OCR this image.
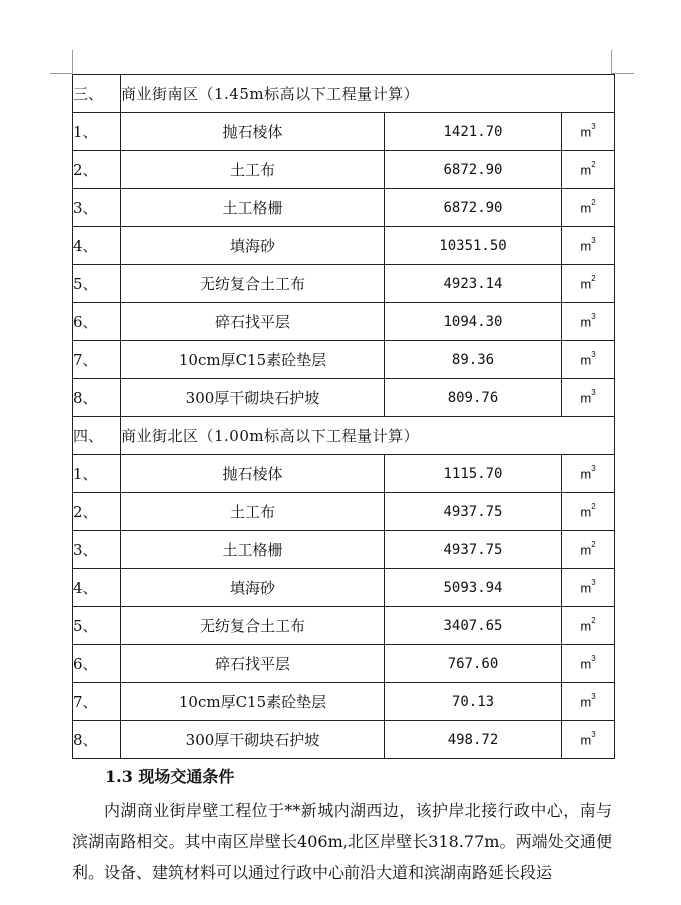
三、	商业街南区（1.45m标高以下工程量计算）		
1、	抛石棱体	1421.70	$m^3$
2、	土工布	6872.90	$m^2$
3、	土工格栅	6872.90	$m^2$
4、	填海砂	10351.50	$m^3$
5、	无纺复合土工布	4923.14	$m^2$
6、	碎石找平层	1094.30	$m^3$
7、	10cm厚C15素砼垫层	89.36	$m^3$
8、	300厚干砌块石护坡	809.76	$m^3$
四、	商业街北区（1.00m标高以下工程量计算）		
1、	抛石棱体	1115.70	$m^3$
2、	土工布	4937.75	$m^2$
3、	土工格栅	4937.75	$m^2$
4、	填海砂	5093.94	$m^3$
5、	无纺复合土工布	3407.65	$m^2$
6、	碎石找平层	767.60	$m^3$
7、	10cm厚C15素砼垫层	70.13	$m^3$
8、	300厚干砌块石护坡	498.72	$m^3$
1.3 现场交通条件

内湖商业街岸壁工程位于**新城内湖西边，该护岸北接行政中心，南与滨湖南路相交。其中南区岸壁长406m,北区岸壁长318.77m。两端处交通便利。设备、建筑材料可以通过行政中心前沿大道和滨湖南路延长段运
